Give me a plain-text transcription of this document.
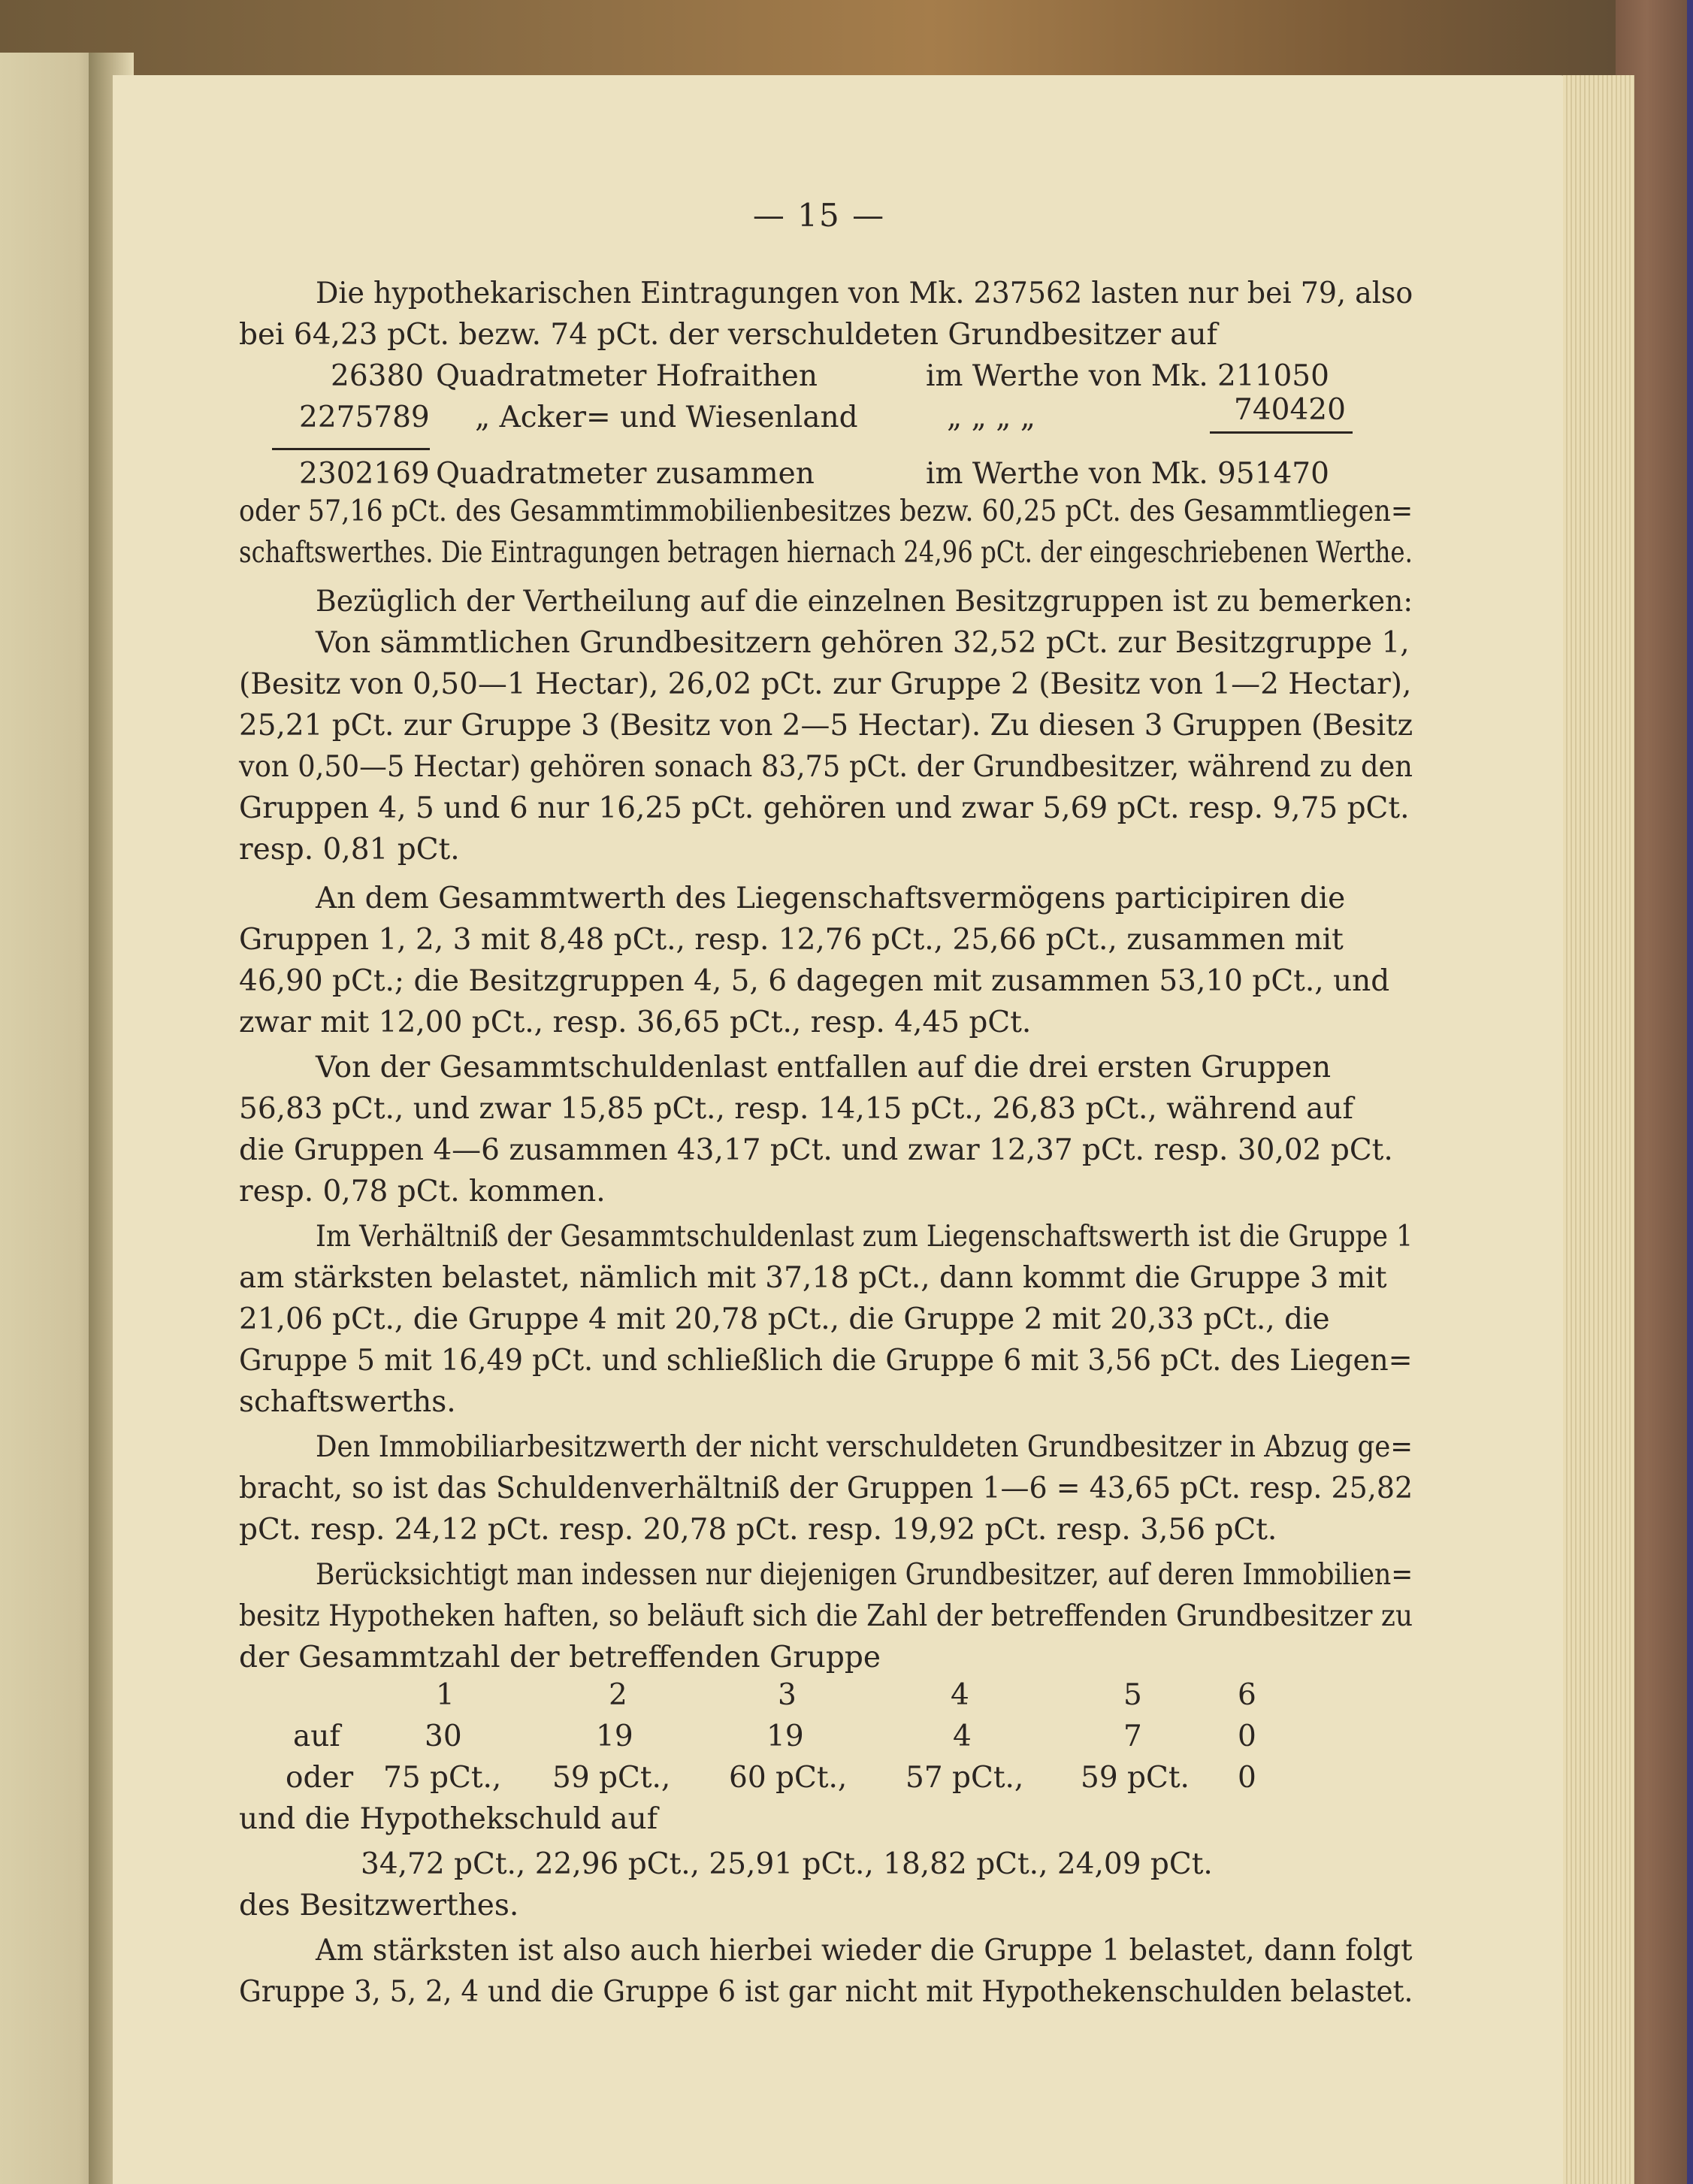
— 15 —
Die hypothekarischen Eintragungen von Mk. 237562 lasten nur bei 79, also
bei 64,23 pCt. bezw. 74 pCt. der verschuldeten Grundbesitzer auf
26380 Quadratmeter Hofraithen	im Werthe von Mk. 211050
2275789 „ Acker= und Wiesenland	„ „ „ „	740420
2302169 Quadratmeter zusammen	im Werthe von Mk. 951470
oder 57,16 pCt. des Gesammtimmobilienbesitzes bezw. 60,25 pCt. des Gesammtliegen=
schaftswerthes. Die Eintragungen betragen hiernach 24,96 pCt. der eingeschriebenen Werthe.
Bezüglich der Vertheilung auf die einzelnen Besitzgruppen ist zu bemerken:
Von sämmtlichen Grundbesitzern gehören 32,52 pCt. zur Besitzgruppe 1,
(Besitz von 0,50—1 Hectar), 26,02 pCt. zur Gruppe 2 (Besitz von 1—2 Hectar),
25,21 pCt. zur Gruppe 3 (Besitz von 2—5 Hectar). Zu diesen 3 Gruppen (Besitz
von 0,50—5 Hectar) gehören sonach 83,75 pCt. der Grundbesitzer, während zu den
Gruppen 4, 5 und 6 nur 16,25 pCt. gehören und zwar 5,69 pCt. resp. 9,75 pCt.
resp. 0,81 pCt.
An dem Gesammtwerth des Liegenschaftsvermögens participiren die
Gruppen 1, 2, 3 mit 8,48 pCt., resp. 12,76 pCt., 25,66 pCt., zusammen mit
46,90 pCt.; die Besitzgruppen 4, 5, 6 dagegen mit zusammen 53,10 pCt., und
zwar mit 12,00 pCt., resp. 36,65 pCt., resp. 4,45 pCt.
Von der Gesammtschuldenlast entfallen auf die drei ersten Gruppen
56,83 pCt., und zwar 15,85 pCt., resp. 14,15 pCt., 26,83 pCt., während auf
die Gruppen 4—6 zusammen 43,17 pCt. und zwar 12,37 pCt. resp. 30,02 pCt.
resp. 0,78 pCt. kommen.
Im Verhältniß der Gesammtschuldenlast zum Liegenschaftswerth ist die Gruppe 1
am stärksten belastet, nämlich mit 37,18 pCt., dann kommt die Gruppe 3 mit
21,06 pCt., die Gruppe 4 mit 20,78 pCt., die Gruppe 2 mit 20,33 pCt., die
Gruppe 5 mit 16,49 pCt. und schließlich die Gruppe 6 mit 3,56 pCt. des Liegen=
schaftswerths.
Den Immobiliarbesitzwerth der nicht verschuldeten Grundbesitzer in Abzug ge=
bracht, so ist das Schuldenverhältniß der Gruppen 1—6 = 43,65 pCt. resp. 25,82
pCt. resp. 24,12 pCt. resp. 20,78 pCt. resp. 19,92 pCt. resp. 3,56 pCt.
Berücksichtigt man indessen nur diejenigen Grundbesitzer, auf deren Immobilien=
besitz Hypotheken haften, so beläuft sich die Zahl der betreffenden Grundbesitzer zu
der Gesammtzahl der betreffenden Gruppe
1	2	3	4	5	6
auf	30	19	19	4	7	0
oder 75 pCt., 59 pCt., 60 pCt., 57 pCt., 59 pCt. 0
und die Hypothekschuld auf
34,72 pCt., 22,96 pCt., 25,91 pCt., 18,82 pCt., 24,09 pCt.
des Besitzwerthes.
Am stärksten ist also auch hierbei wieder die Gruppe 1 belastet, dann folgt
Gruppe 3, 5, 2, 4 und die Gruppe 6 ist gar nicht mit Hypothekenschulden belastet.
